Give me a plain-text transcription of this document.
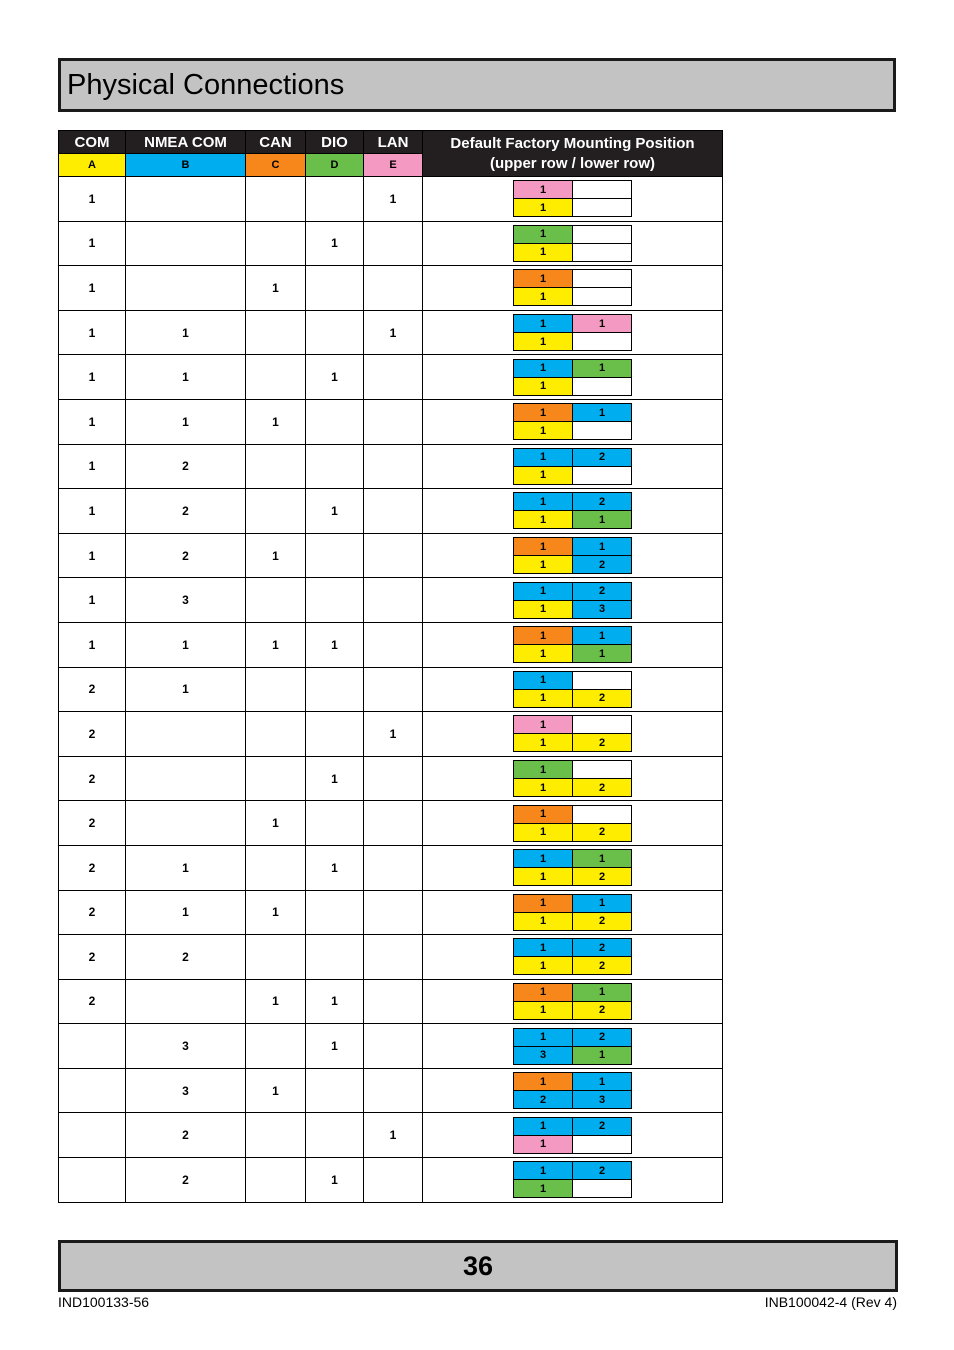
Physical Connections
COM	NMEA COM	CAN	DIO	LAN	Default Factory Mounting Position
(upper row / lower row)

A	B	C	D	E
1				1	
1	
1	

1			1		
1	
1	

1		1			
1	
1	

1	1			1	
1	1
1	

1	1		1		
1	1
1	

1	1	1			
1	1
1	

1	2				
1	2
1	

1	2		1		
1	2
1	1

1	2	1			
1	1
1	2

1	3				
1	2
1	3

1	1	1	1		
1	1
1	1

2	1				
1	
1	2

2				1	
1	
1	2

2			1		
1	
1	2

2		1			
1	
1	2

2	1		1		
1	1
1	2

2	1	1			
1	1
1	2

2	2				
1	2
1	2

2		1	1		
1	1
1	2

	3		1		
1	2
3	1

	3	1			
1	1
2	3

	2			1	
1	2
1	

	2		1		
1	2
1	
36
IND100133-56	INB100042-4 (Rev 4)
